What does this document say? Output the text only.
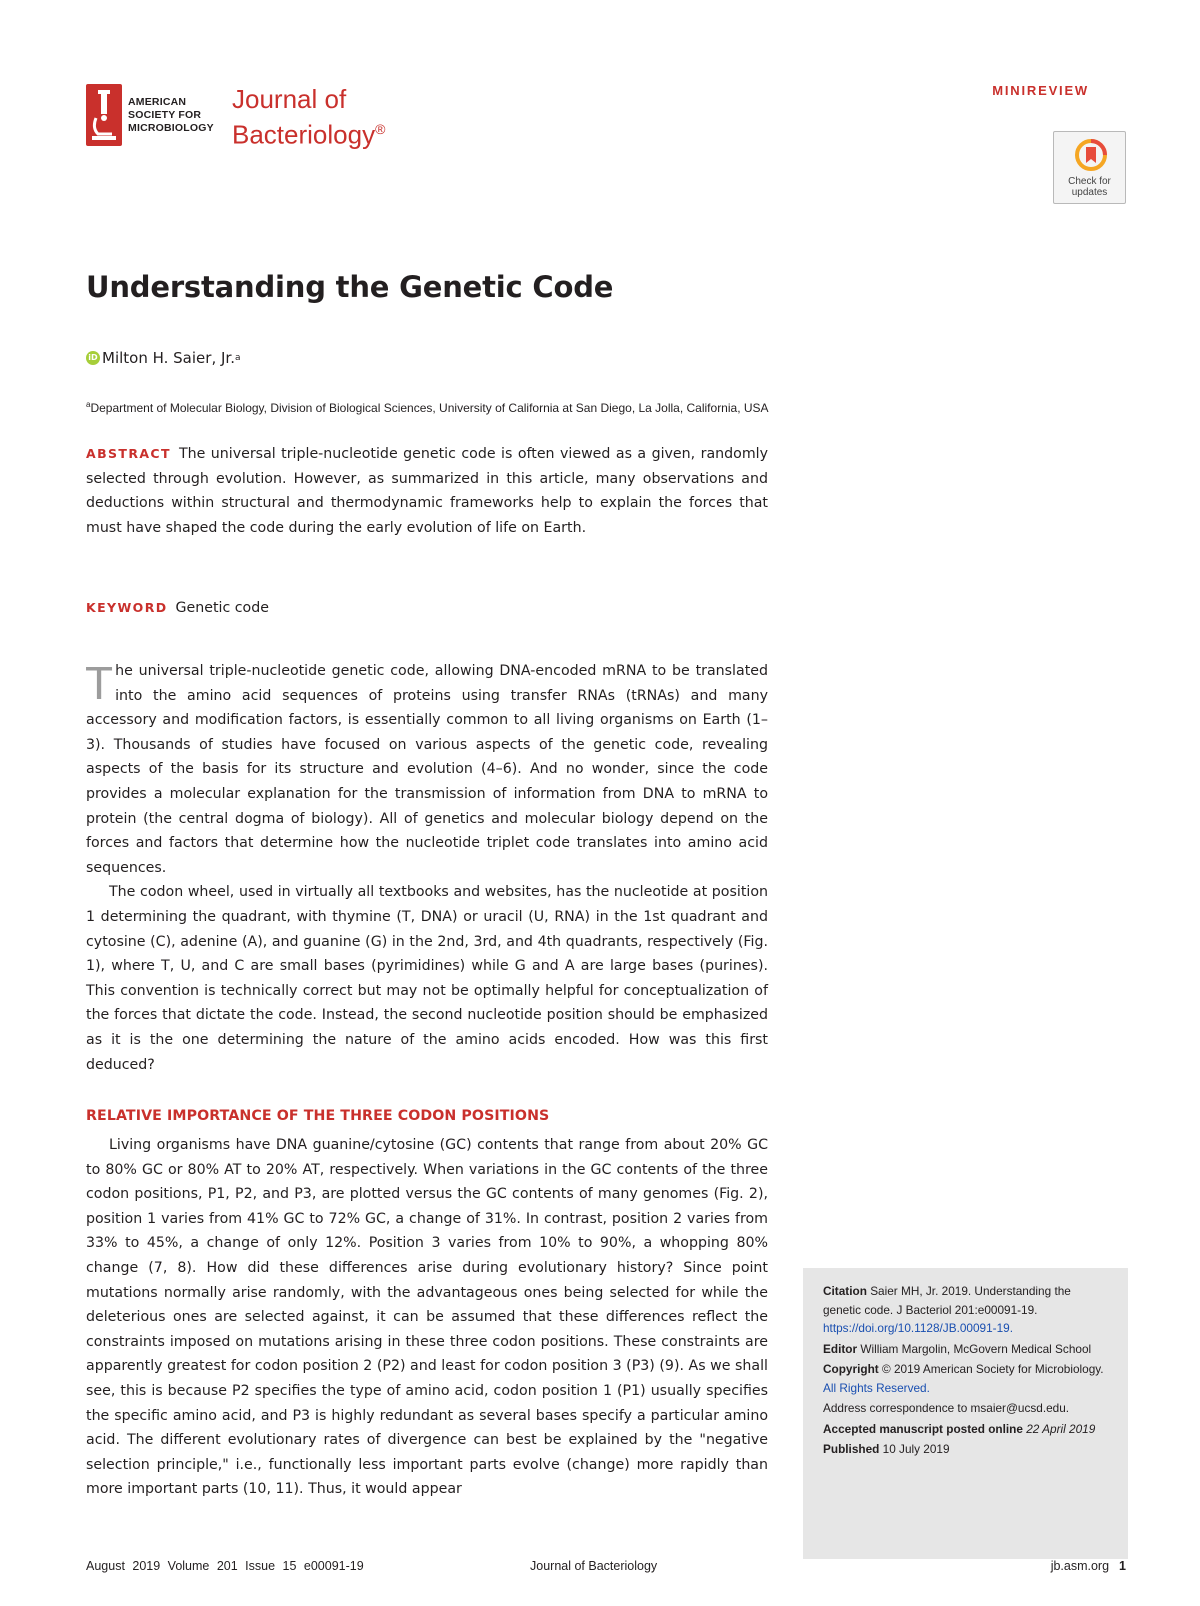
AMERICAN
SOCIETY FOR
MICROBIOLOGY
Journal of
Bacteriology®
MINIREVIEW
Check for
updates
Understanding the Genetic Code
iD Milton H. Saier, Jr. a
$^a$Department of Molecular Biology, Division of Biological Sciences, University of California at San Diego, La Jolla, California, USA
ABSTRACT The universal triple-nucleotide genetic code is often viewed as a given, randomly selected through evolution. However, as summarized in this article, many observations and deductions within structural and thermodynamic frameworks help to explain the forces that must have shaped the code during the early evolution of life on Earth.
KEYWORD Genetic code
The universal triple-nucleotide genetic code, allowing DNA-encoded mRNA to be translated into the amino acid sequences of proteins using transfer RNAs (tRNAs) and many accessory and modification factors, is essentially common to all living organisms on Earth (1–3). Thousands of studies have focused on various aspects of the genetic code, revealing aspects of the basis for its structure and evolution (4–6). And no wonder, since the code provides a molecular explanation for the transmission of information from DNA to mRNA to protein (the central dogma of biology). All of genetics and molecular biology depend on the forces and factors that determine how the nucleotide triplet code translates into amino acid sequences.
The codon wheel, used in virtually all textbooks and websites, has the nucleotide at position 1 determining the quadrant, with thymine (T, DNA) or uracil (U, RNA) in the 1st quadrant and cytosine (C), adenine (A), and guanine (G) in the 2nd, 3rd, and 4th quadrants, respectively (Fig. 1), where T, U, and C are small bases (pyrimidines) while G and A are large bases (purines). This convention is technically correct but may not be optimally helpful for conceptualization of the forces that dictate the code. Instead, the second nucleotide position should be emphasized as it is the one determining the nature of the amino acids encoded. How was this first deduced?
RELATIVE IMPORTANCE OF THE THREE CODON POSITIONS
Living organisms have DNA guanine/cytosine (GC) contents that range from about 20% GC to 80% GC or 80% AT to 20% AT, respectively. When variations in the GC contents of the three codon positions, P1, P2, and P3, are plotted versus the GC contents of many genomes (Fig. 2), position 1 varies from 41% GC to 72% GC, a change of 31%. In contrast, position 2 varies from 33% to 45%, a change of only 12%. Position 3 varies from 10% to 90%, a whopping 80% change (7, 8). How did these differences arise during evolutionary history? Since point mutations normally arise randomly, with the advantageous ones being selected for while the deleterious ones are selected against, it can be assumed that these differences reflect the constraints imposed on mutations arising in these three codon positions. These constraints are apparently greatest for codon position 2 (P2) and least for codon position 3 (P3) (9). As we shall see, this is because P2 specifies the type of amino acid, codon position 1 (P1) usually specifies the specific amino acid, and P3 is highly redundant as several bases specify a particular amino acid. The different evolutionary rates of divergence can best be explained by the "negative selection principle," i.e., functionally less important parts evolve (change) more rapidly than more important parts (10, 11). Thus, it would appear

Citation Saier MH, Jr. 2019. Understanding the genetic code. J Bacteriol 201:e00091-19.
https://doi.org/10.1128/JB.00091-19.

Editor William Margolin, McGovern Medical School

Copyright © 2019 American Society for Microbiology. All Rights Reserved.

Address correspondence to msaier@ucsd.edu.

Accepted manuscript posted online 22 April 2019

Published 10 July 2019

August 2019 Volume 201 Issue 15 e00091-19	Journal of Bacteriology	jb.asm.org 1
